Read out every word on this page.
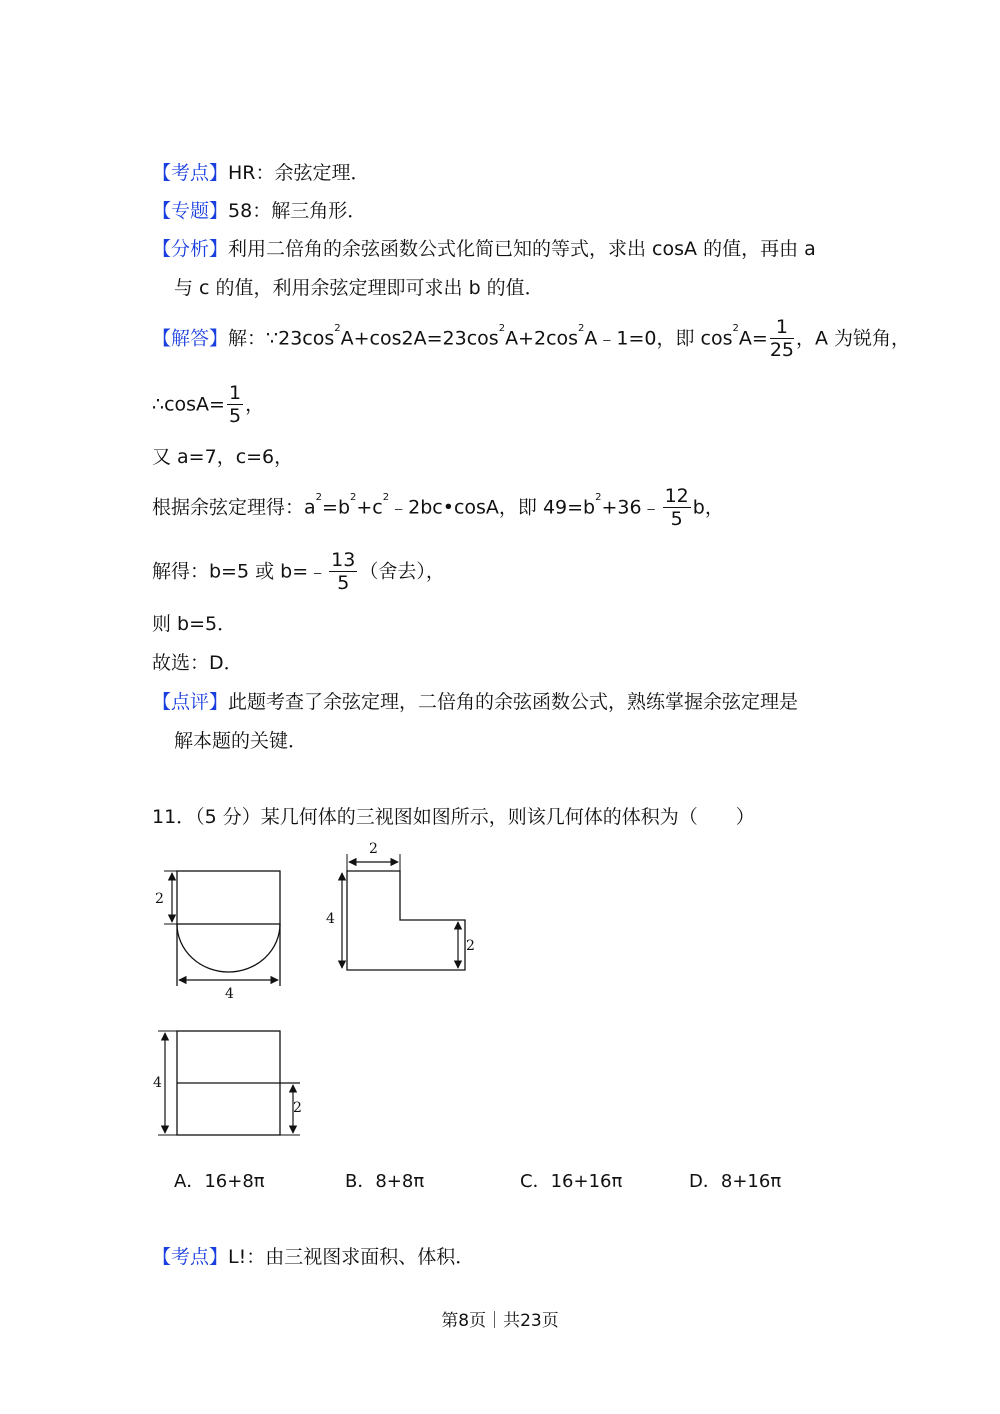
【考点】HR：余弦定理．
【专题】58：解三角形．
【分析】利用二倍角的余弦函数公式化简已知的等式，求出 cosA 的值，再由 a
与 c 的值，利用余弦定理即可求出 b 的值．
【解答】解：$\because 23\cos^2A+\cos 2A=23\cos^2A+2\cos^2A﹣1=0$，即 $\cos^2A= \frac{1}{25}$ ，A 为锐角，
∴cosA= $\frac{1}{5}$ ，
又 a=7，c=6，
根据余弦定理得：$a^2=b^2+c^2﹣2bc•\cos A$，即 $49=b^2+36﹣ \frac{12}{5}$ b，
解得：b=5 或 b=﹣ $\frac{13}{5}$ （舍去），
则 b=5．
故选：D．
【点评】此题考查了余弦定理，二倍角的余弦函数公式，熟练掌握余弦定理是
解本题的关键．
11．（5 分）某几何体的三视图如图所示，则该几何体的体积为（　　）
2
4
2
4
2
4
2
A．16+8π	B．8+8π	C．16+16π	D．8+16π
【考点】L!：由三视图求面积、体积．
第8页｜共23页
